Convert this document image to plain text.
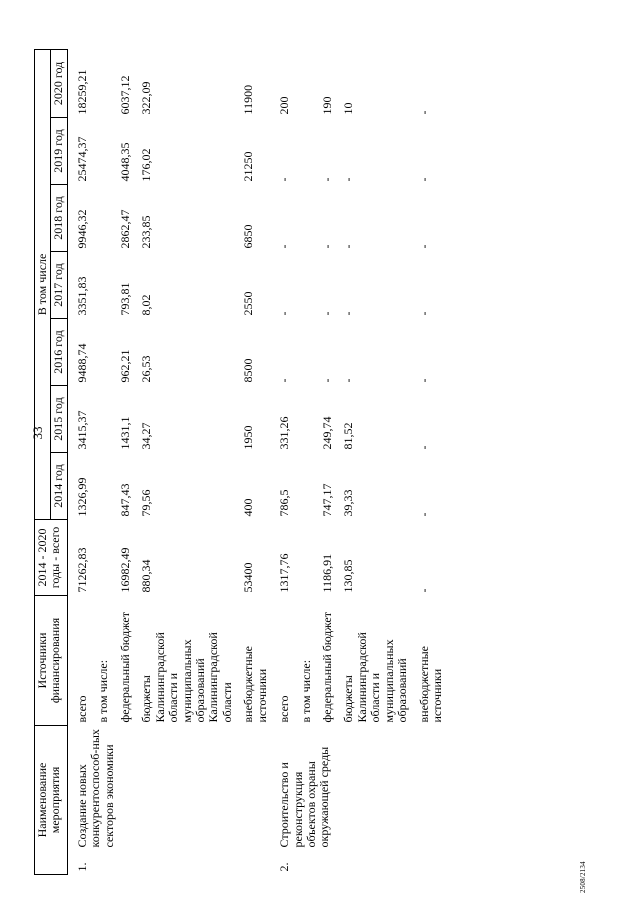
33
Наименование мероприятия		Источники финансирования	2014 - 2020 годы - всего	В том числе						
				2014 год	2015 год	2016 год	2017 год	2018 год	2019 год	2020 год
1.	Создание новых конкурентоспособ-ных секторов экономики	всего	71262,83	1326,99	3415,37	9488,74	3351,83	9946,32	25474,37	18259,21
		в том числе:								
		федеральный бюджет	16982,49	847,43	1431,1	962,21	793,81	2862,47	4048,35	6037,12
		бюджеты Калининградской области и муниципальных образований Калининградской области	880,34	79,56	34,27	26,53	8,02	233,85	176,02	322,09
		внебюджетные источники	53400	400	1950	8500	2550	6850	21250	11900
2.	Строительство и реконструкция объектов охраны окружающей среды	всего	1317,76	786,5	331,26	-	-	-	-	200
		в том числе:								
		федеральный бюджет	1186,91	747,17	249,74	-	-	-	-	190
		бюджеты Калининградской области и муниципальных образований	130,85	39,33	81,52	-	-	-	-	10
		внебюджетные источники	-	-	-	-	-	-	-	-
2508/2134
